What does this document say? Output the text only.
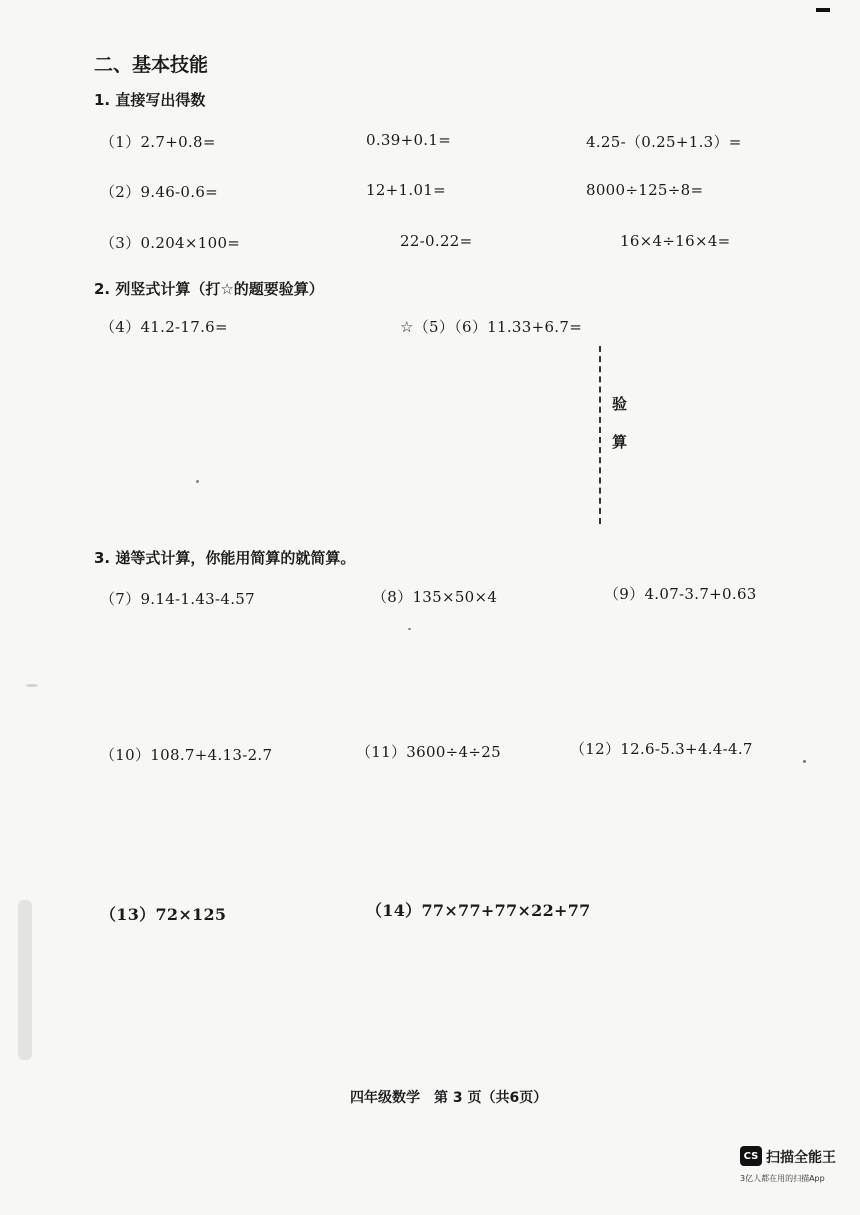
二、基本技能
1. 直接写出得数
（1）2.7+0.8=	0.39+0.1=	4.25-（0.25+1.3）=
（2）9.46-0.6=	12+1.01=	8000÷125÷8=
（3）0.204×100=	22-0.22=	16×4÷16×4=
2. 列竖式计算（打☆的题要验算）
（4）41.2-17.6=	☆（5）（6）11.33+6.7=
验
算
3. 递等式计算，你能用简算的就简算。
（7）9.14-1.43-4.57	（8）135×50×4	（9）4.07-3.7+0.63
（10）108.7+4.13-2.7	（11）3600÷4÷25	（12）12.6-5.3+4.4-4.7
（13）72×125	（14）77×77+77×22+77
四年级数学　第 3 页（共6页）
CS 扫描全能王
3亿人都在用的扫描App
